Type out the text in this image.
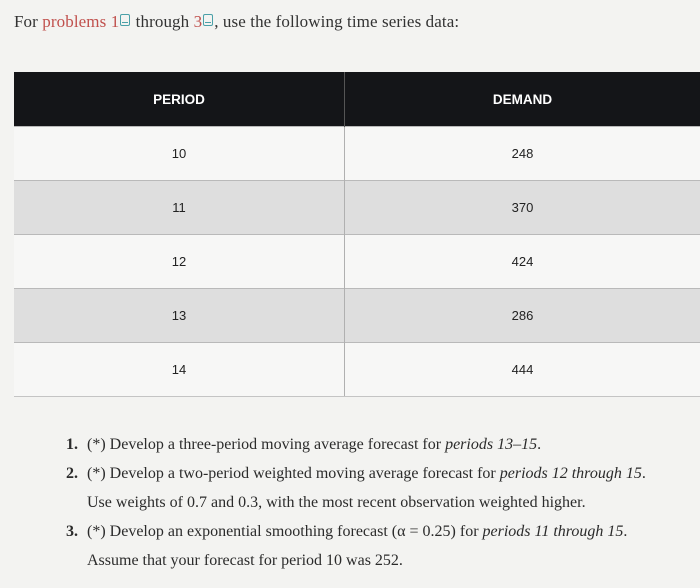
For problems 1 through 3 , use the following time series data:
PERIOD	DEMAND
10	248
11	370
12	424
13	286
14	444
1. (*) Develop a three-period moving average forecast for periods 13–15.
2. (*) Develop a two-period weighted moving average forecast for periods 12 through 15.
Use weights of 0.7 and 0.3, with the most recent observation weighted higher.
3. (*) Develop an exponential smoothing forecast (α = 0.25) for periods 11 through 15.
Assume that your forecast for period 10 was 252.
